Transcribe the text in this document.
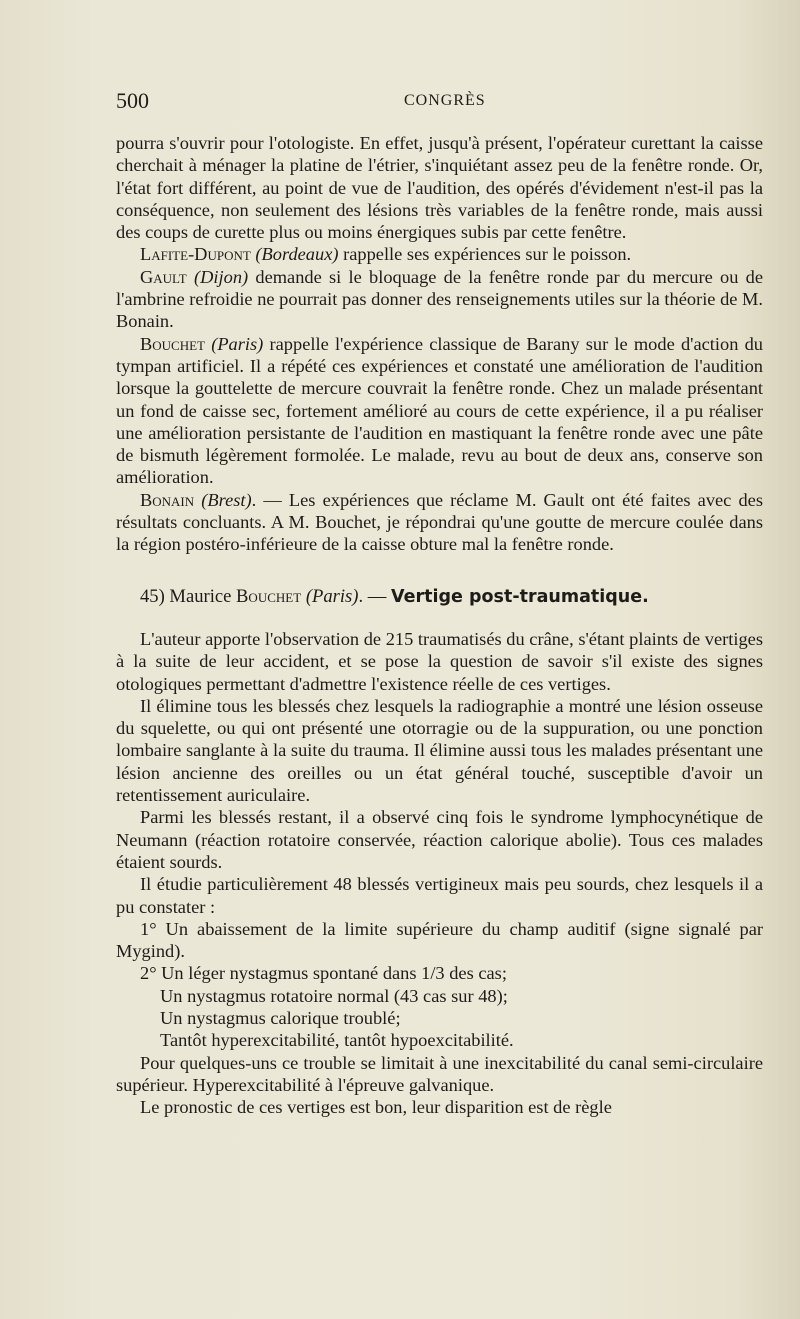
500	CONGRÈS

pourra s'ouvrir pour l'otologiste. En effet, jusqu'à présent, l'opérateur curettant la caisse cherchait à ménager la platine de l'étrier, s'inquiétant assez peu de la fenêtre ronde. Or, l'état fort différent, au point de vue de l'audition, des opérés d'évidement n'est-il pas la conséquence, non seulement des lésions très variables de la fenêtre ronde, mais aussi des coups de curette plus ou moins énergiques subis par cette fenêtre.

Lafite-Dupont (Bordeaux) rappelle ses expériences sur le poisson.

Gault (Dijon) demande si le bloquage de la fenêtre ronde par du mercure ou de l'ambrine refroidie ne pourrait pas donner des renseignements utiles sur la théorie de M. Bonain.

Bouchet (Paris) rappelle l'expérience classique de Barany sur le mode d'action du tympan artificiel. Il a répété ces expériences et constaté une amélioration de l'audition lorsque la gouttelette de mercure couvrait la fenêtre ronde. Chez un malade présentant un fond de caisse sec, fortement amélioré au cours de cette expérience, il a pu réaliser une amélioration persistante de l'audition en mastiquant la fenêtre ronde avec une pâte de bismuth légèrement formolée. Le malade, revu au bout de deux ans, conserve son amélioration.

Bonain (Brest). — Les expériences que réclame M. Gault ont été faites avec des résultats concluants. A M. Bouchet, je répondrai qu'une goutte de mercure coulée dans la région postéro-inférieure de la caisse obture mal la fenêtre ronde.

45) Maurice Bouchet (Paris). — Vertige post-traumatique.

L'auteur apporte l'observation de 215 traumatisés du crâne, s'étant plaints de vertiges à la suite de leur accident, et se pose la question de savoir s'il existe des signes otologiques permettant d'admettre l'existence réelle de ces vertiges.

Il élimine tous les blessés chez lesquels la radiographie a montré une lésion osseuse du squelette, ou qui ont présenté une otorragie ou de la suppuration, ou une ponction lombaire sanglante à la suite du trauma. Il élimine aussi tous les malades présentant une lésion ancienne des oreilles ou un état général touché, susceptible d'avoir un retentissement auriculaire.

Parmi les blessés restant, il a observé cinq fois le syndrome lymphocynétique de Neumann (réaction rotatoire conservée, réaction calorique abolie). Tous ces malades étaient sourds.

Il étudie particulièrement 48 blessés vertigineux mais peu sourds, chez lesquels il a pu constater :

1° Un abaissement de la limite supérieure du champ auditif (signe signalé par Mygind).

2° Un léger nystagmus spontané dans 1/3 des cas;

Un nystagmus rotatoire normal (43 cas sur 48);

Un nystagmus calorique troublé;

Tantôt hyperexcitabilité, tantôt hypoexcitabilité.

Pour quelques-uns ce trouble se limitait à une inexcitabilité du canal semi-circulaire supérieur. Hyperexcitabilité à l'épreuve galvanique.

Le pronostic de ces vertiges est bon, leur disparition est de règle
